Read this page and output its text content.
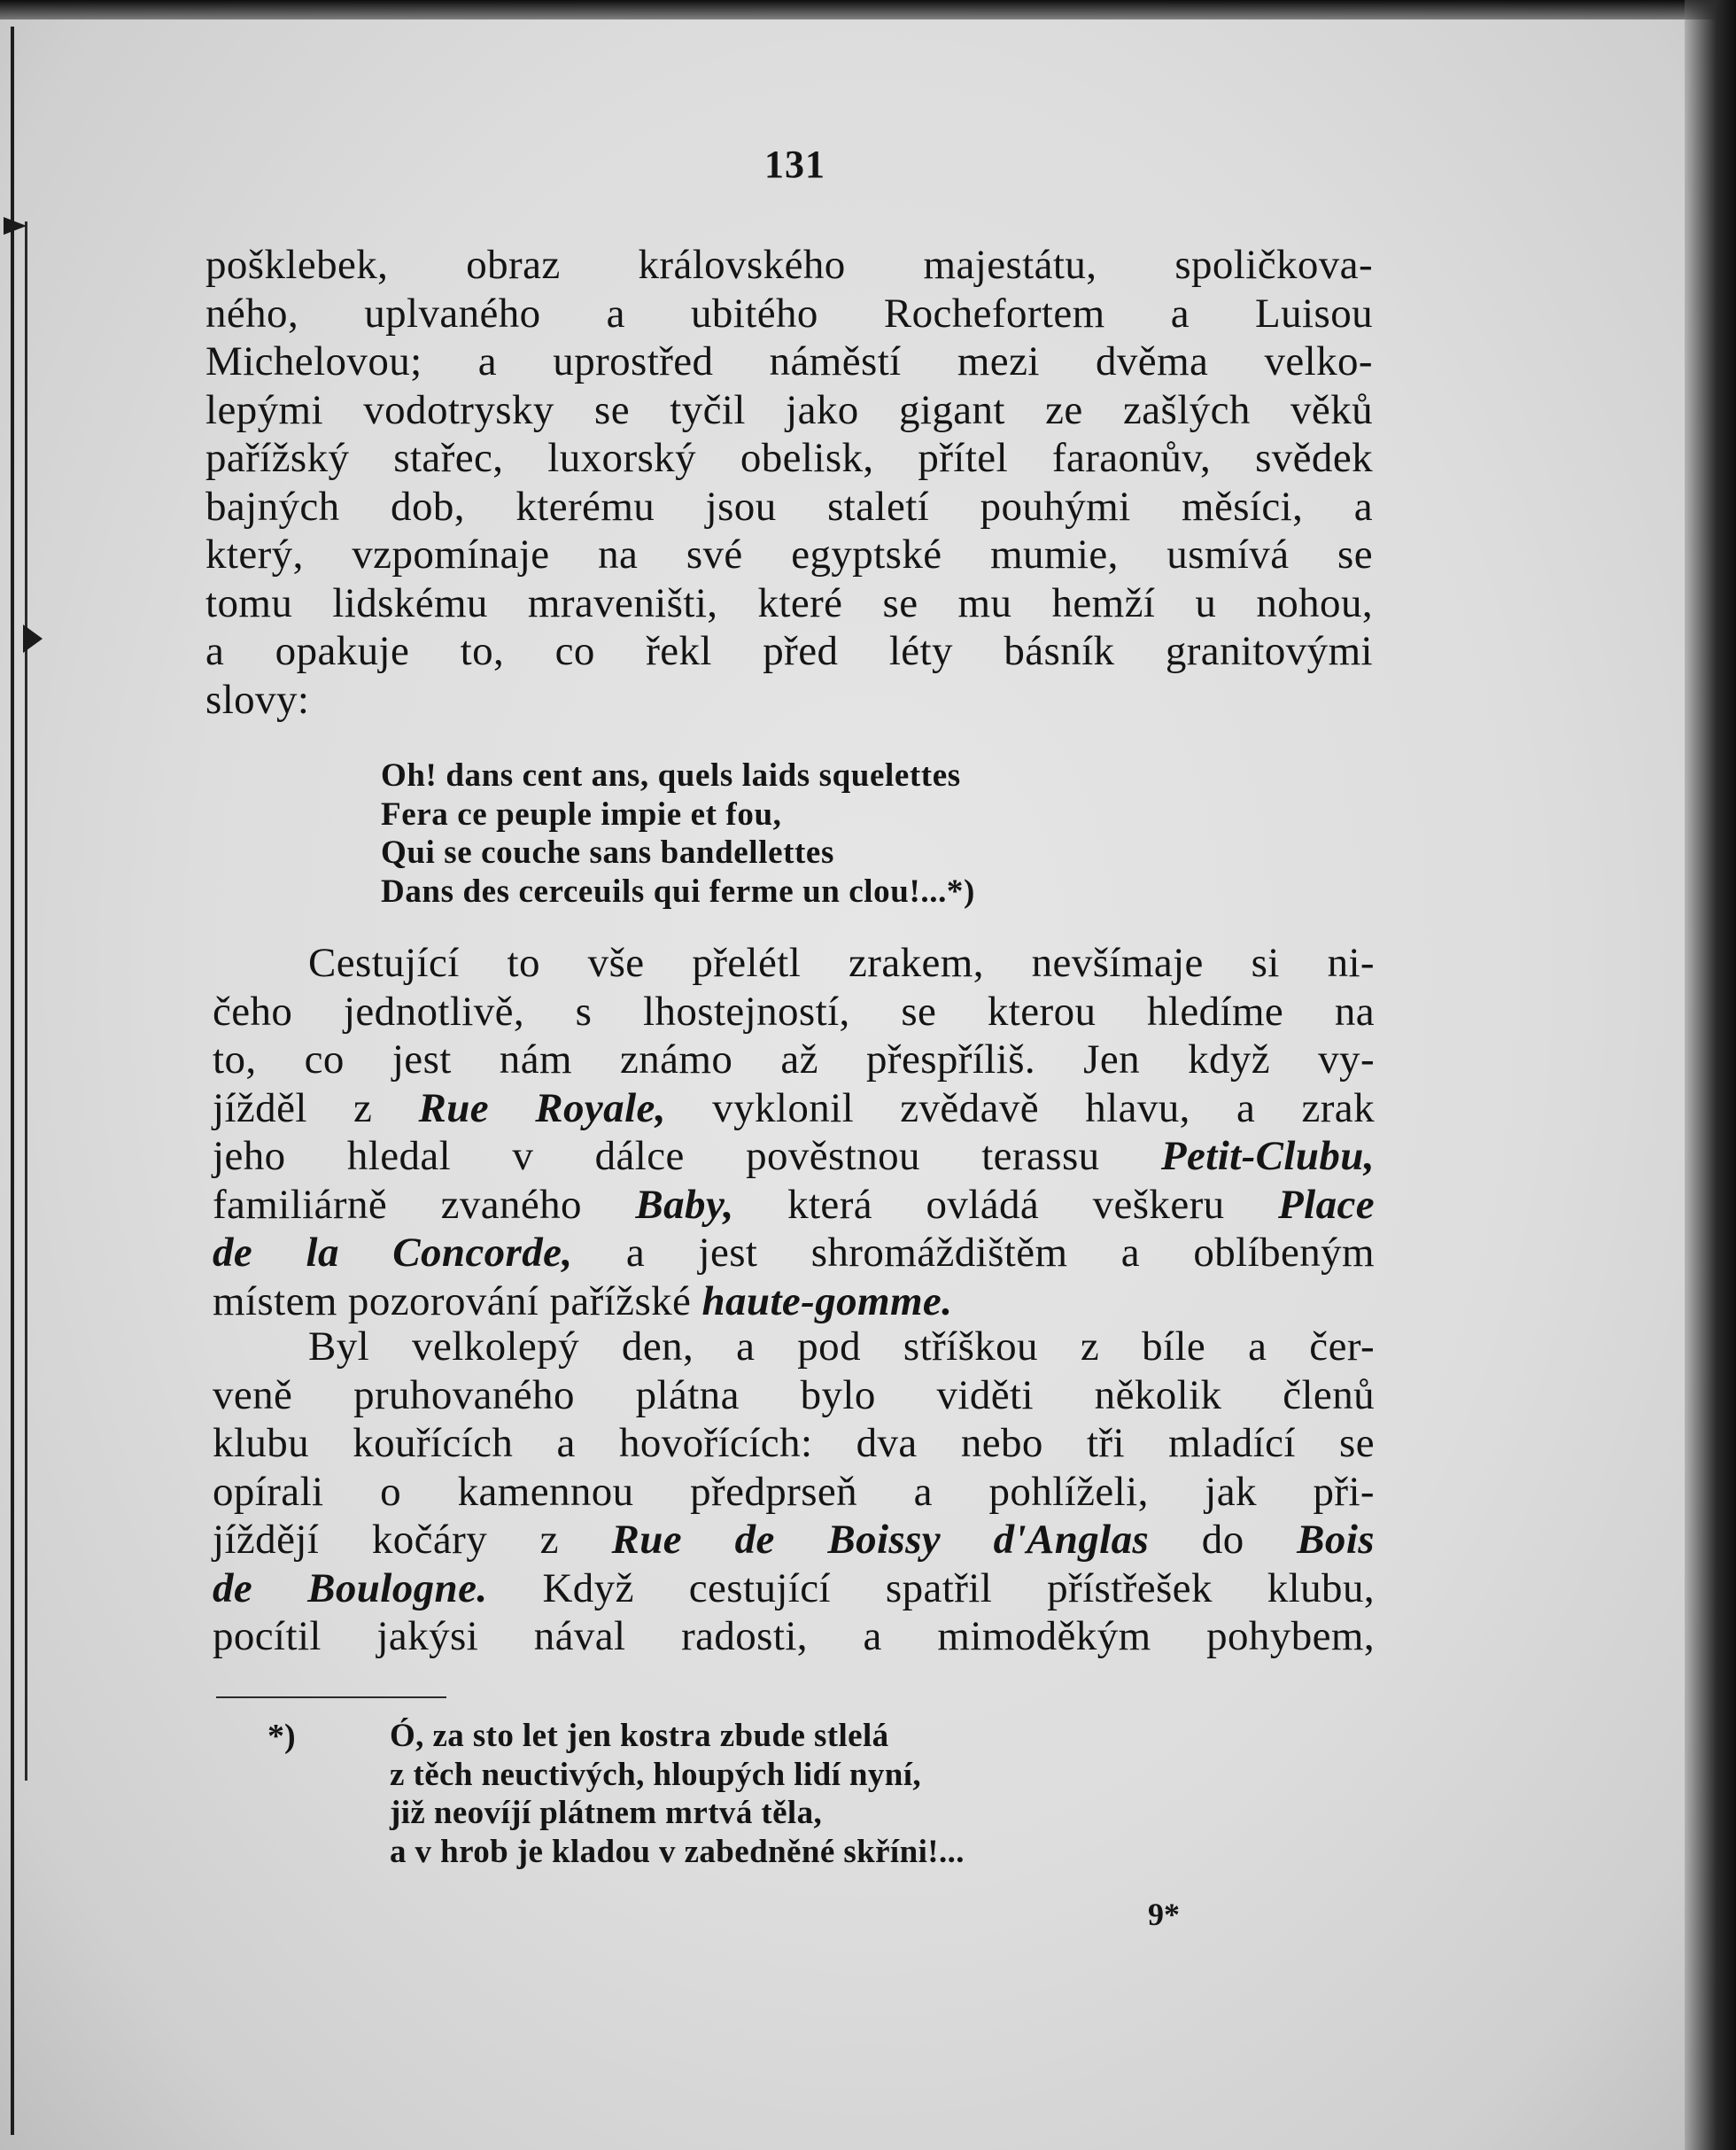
131
pošklebek, obraz královského majestátu, spoličkova-
ného, uplvaného a ubitého Rochefortem a Luisou
Michelovou; a uprostřed náměstí mezi dvěma velko-
lepými vodotrysky se tyčil jako gigant ze zašlých věků
pařížský stařec, luxorský obelisk, přítel faraonův, svědek
bajných dob, kterému jsou staletí pouhými měsíci, a
který, vzpomínaje na své egyptské mumie, usmívá se
tomu lidskému mraveništi, které se mu hemží u nohou,
a opakuje to, co řekl před léty básník granitovými
slovy:
Oh! dans cent ans, quels laids squelettes
Fera ce peuple impie et fou,
Qui se couche sans bandellettes
Dans des cerceuils qui ferme un clou!...*)
Cestující to vše přelétl zrakem, nevšímaje si ni-
čeho jednotlivě, s lhostejností, se kterou hledíme na
to, co jest nám známo až přespříliš. Jen když vy-
jížděl z Rue Royale, vyklonil zvědavě hlavu, a zrak
jeho hledal v dálce pověstnou terassu Petit-Clubu,
familiárně zvaného Baby, která ovládá veškeru Place
de la Concorde, a jest shromáždištěm a oblíbeným
místem pozorování pařížské haute-gomme.
Byl velkolepý den, a pod stříškou z bíle a čer-
veně pruhovaného plátna bylo viděti několik členů
klubu kouřících a hovořících: dva nebo tři mladící se
opírali o kamennou předprseň a pohlíželi, jak při-
jíždějí kočáry z Rue de Boissy d'Anglas do Bois
de Boulogne. Když cestující spatřil přístřešek klubu,
pocítil jakýsi nával radosti, a mimoděkým pohybem,
*)	Ó, za sto let jen kostra zbude stlelá
z těch neuctivých, hloupých lidí nyní,
již neovíjí plátnem mrtvá těla,
a v hrob je kladou v zabedněné skříni!...
9*
